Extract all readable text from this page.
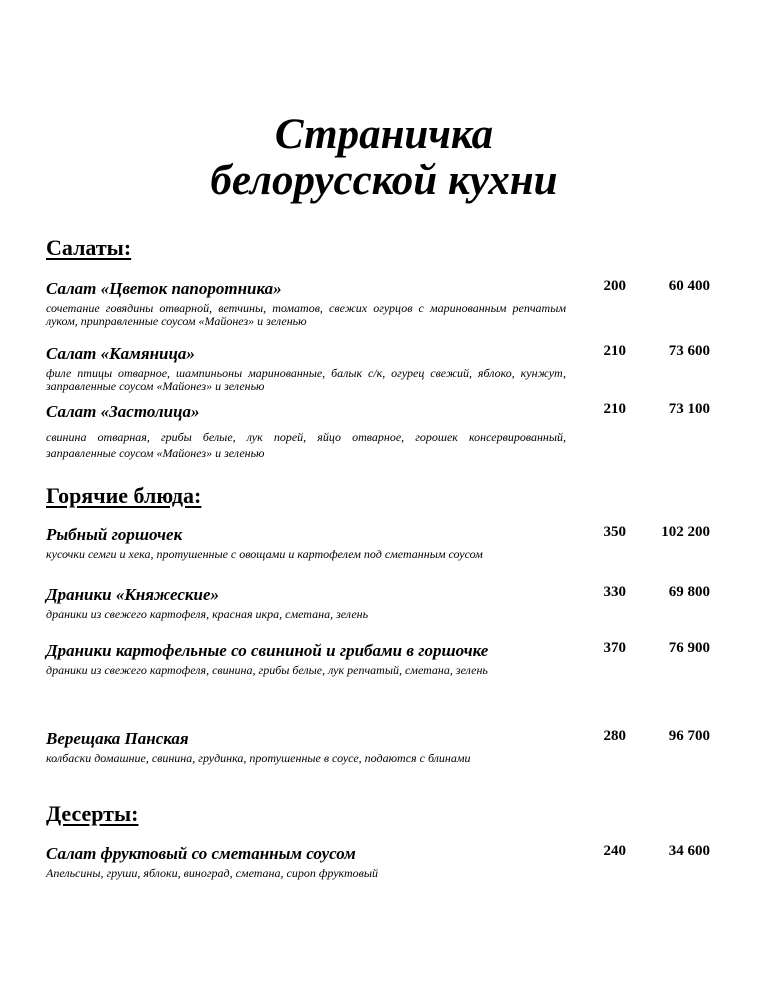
Страничка
белорусской кухни
Салаты:
Салат «Цветок папоротника»
сочетание говядины отварной, ветчины, томатов, свежих огурцов с маринованным репчатым луком, приправленные соусом «Майонез» и зеленью
200	60 400
Салат «Камяница»
филе птицы отварное, шампиньоны маринованные, балык с/к, огурец свежий, яблоко, кунжут, заправленные соусом «Майонез» и зеленью
210	73 600
Салат «Застолица»
свинина отварная, грибы белые, лук порей, яйцо отварное, горошек консервированный, заправленные соусом «Майонез» и зеленью
210	73 100
Горячие блюда:
Рыбный горшочек
кусочки семги и хека, протушенные с овощами и картофелем под сметанным соусом
350	102 200
Драники «Княжеские»
драники из свежего картофеля, красная икра, сметана, зелень
330	69 800
Драники картофельные со свининой и грибами в горшочке
драники из свежего картофеля, свинина, грибы белые, лук репчатый, сметана, зелень
370	76 900
Верещака Панская
колбаски домашние, свинина, грудинка, протушенные в соусе, подаются с блинами
280	96 700
Десерты:
Салат фруктовый со сметанным соусом
Апельсины, груши, яблоки, виноград, сметана, сироп фруктовый
240	34 600
